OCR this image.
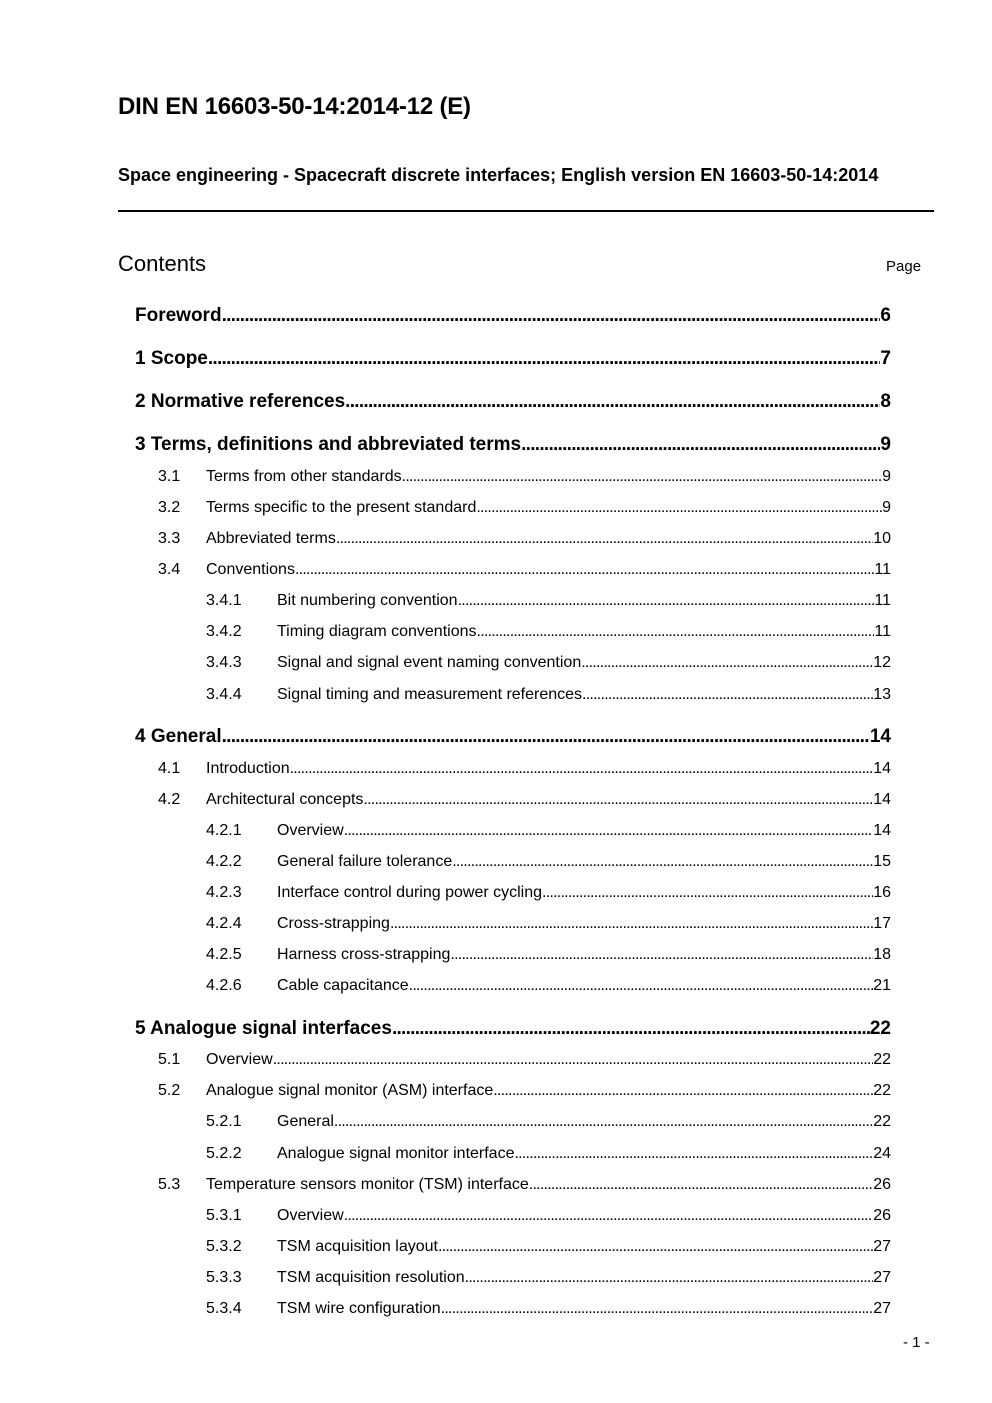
DIN EN 16603-50-14:2014-12 (E)
Space engineering - Spacecraft discrete interfaces; English version EN 16603-50-14:2014
Contents	Page
Foreword . . .	6
1 Scope . . .	7
2 Normative references . . .	8
3 Terms, definitions and abbreviated terms . . .	9
3.1	Terms from other standards . . .	9
3.2	Terms specific to the present standard . . .	9
3.3	Abbreviated terms . . .	10
3.4	Conventions . . .	11
3.4.1	Bit numbering convention . . .	11
3.4.2	Timing diagram conventions . . .	11
3.4.3	Signal and signal event naming convention . . .	12
3.4.4	Signal timing and measurement references . . .	13
4 General . . .	14
4.1	Introduction . . .	14
4.2	Architectural concepts . . .	14
4.2.1	Overview . . .	14
4.2.2	General failure tolerance . . .	15
4.2.3	Interface control during power cycling . . .	16
4.2.4	Cross-strapping . . .	17
4.2.5	Harness cross-strapping . . .	18
4.2.6	Cable capacitance . . .	21
5 Analogue signal interfaces . . .	22
5.1	Overview . . .	22
5.2	Analogue signal monitor (ASM) interface . . .	22
5.2.1	General . . .	22
5.2.2	Analogue signal monitor interface . . .	24
5.3	Temperature sensors monitor (TSM) interface . . .	26
5.3.1	Overview . . .	26
5.3.2	TSM acquisition layout . . .	27
5.3.3	TSM acquisition resolution . . .	27
5.3.4	TSM wire configuration . . .	27
- 1 -
